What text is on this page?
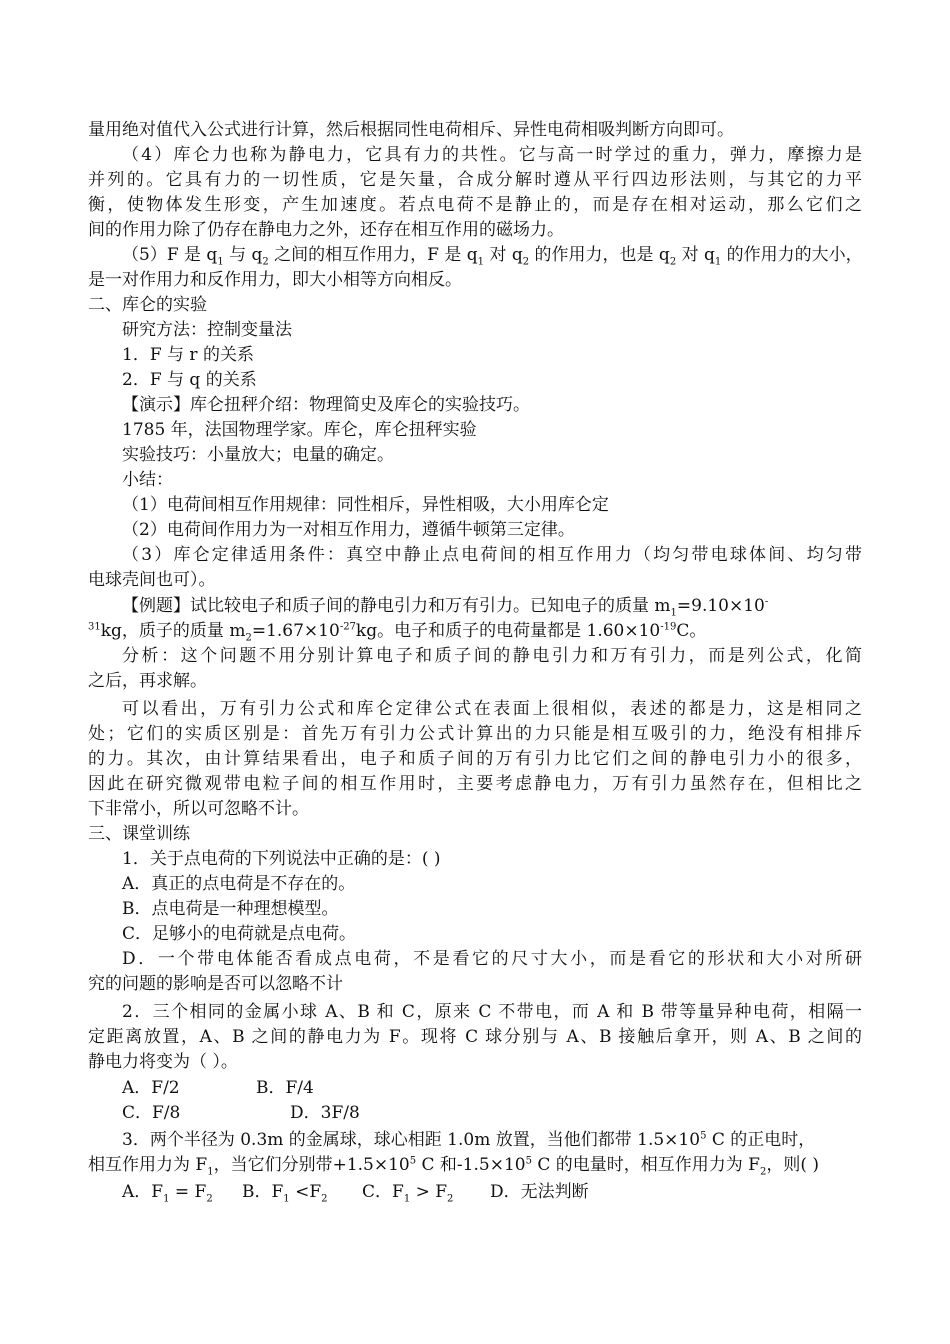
量用绝对值代入公式进行计算，然后根据同性电荷相斥、异性电荷相吸判断方向即可。
（4）库仑力也称为静电力，它具有力的共性。它与高一时学过的重力，弹力，摩擦力是
并列的。它具有力的一切性质，它是矢量，合成分解时遵从平行四边形法则，与其它的力平
衡，使物体发生形变，产生加速度。若点电荷不是静止的，而是存在相对运动，那么它们之
间的作用力除了仍存在静电力之外，还存在相互作用的磁场力。
（5）F 是 $q_1$ 与 $q_2$ 之间的相互作用力，F 是 $q_1$ 对 $q_2$ 的作用力，也是 $q_2$ 对 $q_1$ 的作用力的大小，
是一对作用力和反作用力，即大小相等方向相反。
二、库仑的实验
研究方法：控制变量法
1．F 与 r 的关系
2．F 与 q 的关系
【演示】库仑扭秤介绍：物理简史及库仑的实验技巧。
1785 年，法国物理学家。库仑，库仑扭秤实验
实验技巧：小量放大；电量的确定。
小结：
（1）电荷间相互作用规律：同性相斥，异性相吸，大小用库仑定
（2）电荷间作用力为一对相互作用力，遵循牛顿第三定律。
（3）库仑定律适用条件：真空中静止点电荷间的相互作用力（均匀带电球体间、均匀带
电球壳间也可）。
【例题】试比较电子和质子间的静电引力和万有引力。已知电子的质量 $m_1=9.10\times 10^-$
$^{31}$kg，质子的质量 $m_2=1.67\times 10^{-27}kg$。电子和质子的电荷量都是 $1.60\times 10^{-19}C$。
分析：这个问题不用分别计算电子和质子间的静电引力和万有引力，而是列公式，化简
之后，再求解。
可以看出，万有引力公式和库仑定律公式在表面上很相似，表述的都是力，这是相同之
处；它们的实质区别是：首先万有引力公式计算出的力只能是相互吸引的力，绝没有相排斥
的力。其次，由计算结果看出，电子和质子间的万有引力比它们之间的静电引力小的很多，
因此在研究微观带电粒子间的相互作用时，主要考虑静电力，万有引力虽然存在，但相比之
下非常小，所以可忽略不计。
三、课堂训练
1．关于点电荷的下列说法中正确的是：( )
A．真正的点电荷是不存在的。
B．点电荷是一种理想模型。
C．足够小的电荷就是点电荷。
D．一个带电体能否看成点电荷，不是看它的尺寸大小，而是看它的形状和大小对所研
究的问题的影响是否可以忽略不计
2．三个相同的金属小球 A、B 和 C，原来 C 不带电，而 A 和 B 带等量异种电荷，相隔一
定距离放置，A、B 之间的静电力为 F。现将 C 球分别与 A、B 接触后拿开，则 A、B 之间的
静电力将变为（ ）。
A．F/2	B．F/4
C．F/8	D．3F/8
3．两个半径为 0.3m 的金属球，球心相距 1.0m 放置，当他们都带 $1.5\times 10^5$ C 的正电时，
相互作用力为 $F_1$，当它们分别带$+1.5\times 10^5$ C 和$-1.5\times 10^5$ C 的电量时，相互作用力为 $F_2$，则( )
A．$F_1 = F_2$ B．$F_1 <F_2$ C．$F_1 > F_2$ D．无法判断
